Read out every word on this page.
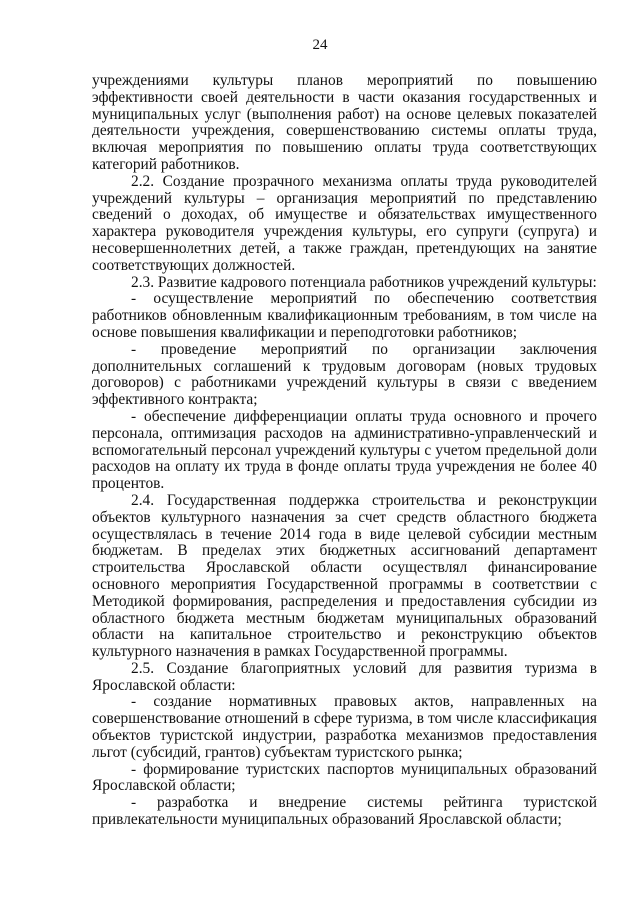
24

учреждениями культуры планов мероприятий по повышению эффективности своей деятельности в части оказания государственных и муниципальных услуг (выполнения работ) на основе целевых показателей деятельности учреждения, совершенствованию системы оплаты труда, включая мероприятия по повышению оплаты труда соответствующих категорий работников.

2.2. Создание прозрачного механизма оплаты труда руководителей учреждений культуры – организация мероприятий по представлению сведений о доходах, об имуществе и обязательствах имущественного характера руководителя учреждения культуры, его супруги (супруга) и несовершеннолетних детей, а также граждан, претендующих на занятие соответствующих должностей.

2.3. Развитие кадрового потенциала работников учреждений культуры:

- осуществление мероприятий по обеспечению соответствия работников обновленным квалификационным требованиям, в том числе на основе повышения квалификации и переподготовки работников;

- проведение мероприятий по организации заключения дополнительных соглашений к трудовым договорам (новых трудовых договоров) с работниками учреждений культуры в связи с введением эффективного контракта;

- обеспечение дифференциации оплаты труда основного и прочего персонала, оптимизация расходов на административно-управленческий и вспомогательный персонал учреждений культуры с учетом предельной доли расходов на оплату их труда в фонде оплаты труда учреждения не более 40 процентов.

2.4. Государственная поддержка строительства и реконструкции объектов культурного назначения за счет средств областного бюджета осуществлялась в течение 2014 года в виде целевой субсидии местным бюджетам. В пределах этих бюджетных ассигнований департамент строительства Ярославской области осуществлял финансирование основного мероприятия Государственной программы в соответствии с Методикой формирования, распределения и предоставления субсидии из областного бюджета местным бюджетам муниципальных образований области на капитальное строительство и реконструкцию объектов культурного назначения в рамках Государственной программы.

2.5. Создание благоприятных условий для развития туризма в Ярославской области:

- создание нормативных правовых актов, направленных на совершенствование отношений в сфере туризма, в том числе классификация объектов туристской индустрии, разработка механизмов предоставления льгот (субсидий, грантов) субъектам туристского рынка;

- формирование туристских паспортов муниципальных образований Ярославской области;

- разработка и внедрение системы рейтинга туристской привлекательности муниципальных образований Ярославской области;
